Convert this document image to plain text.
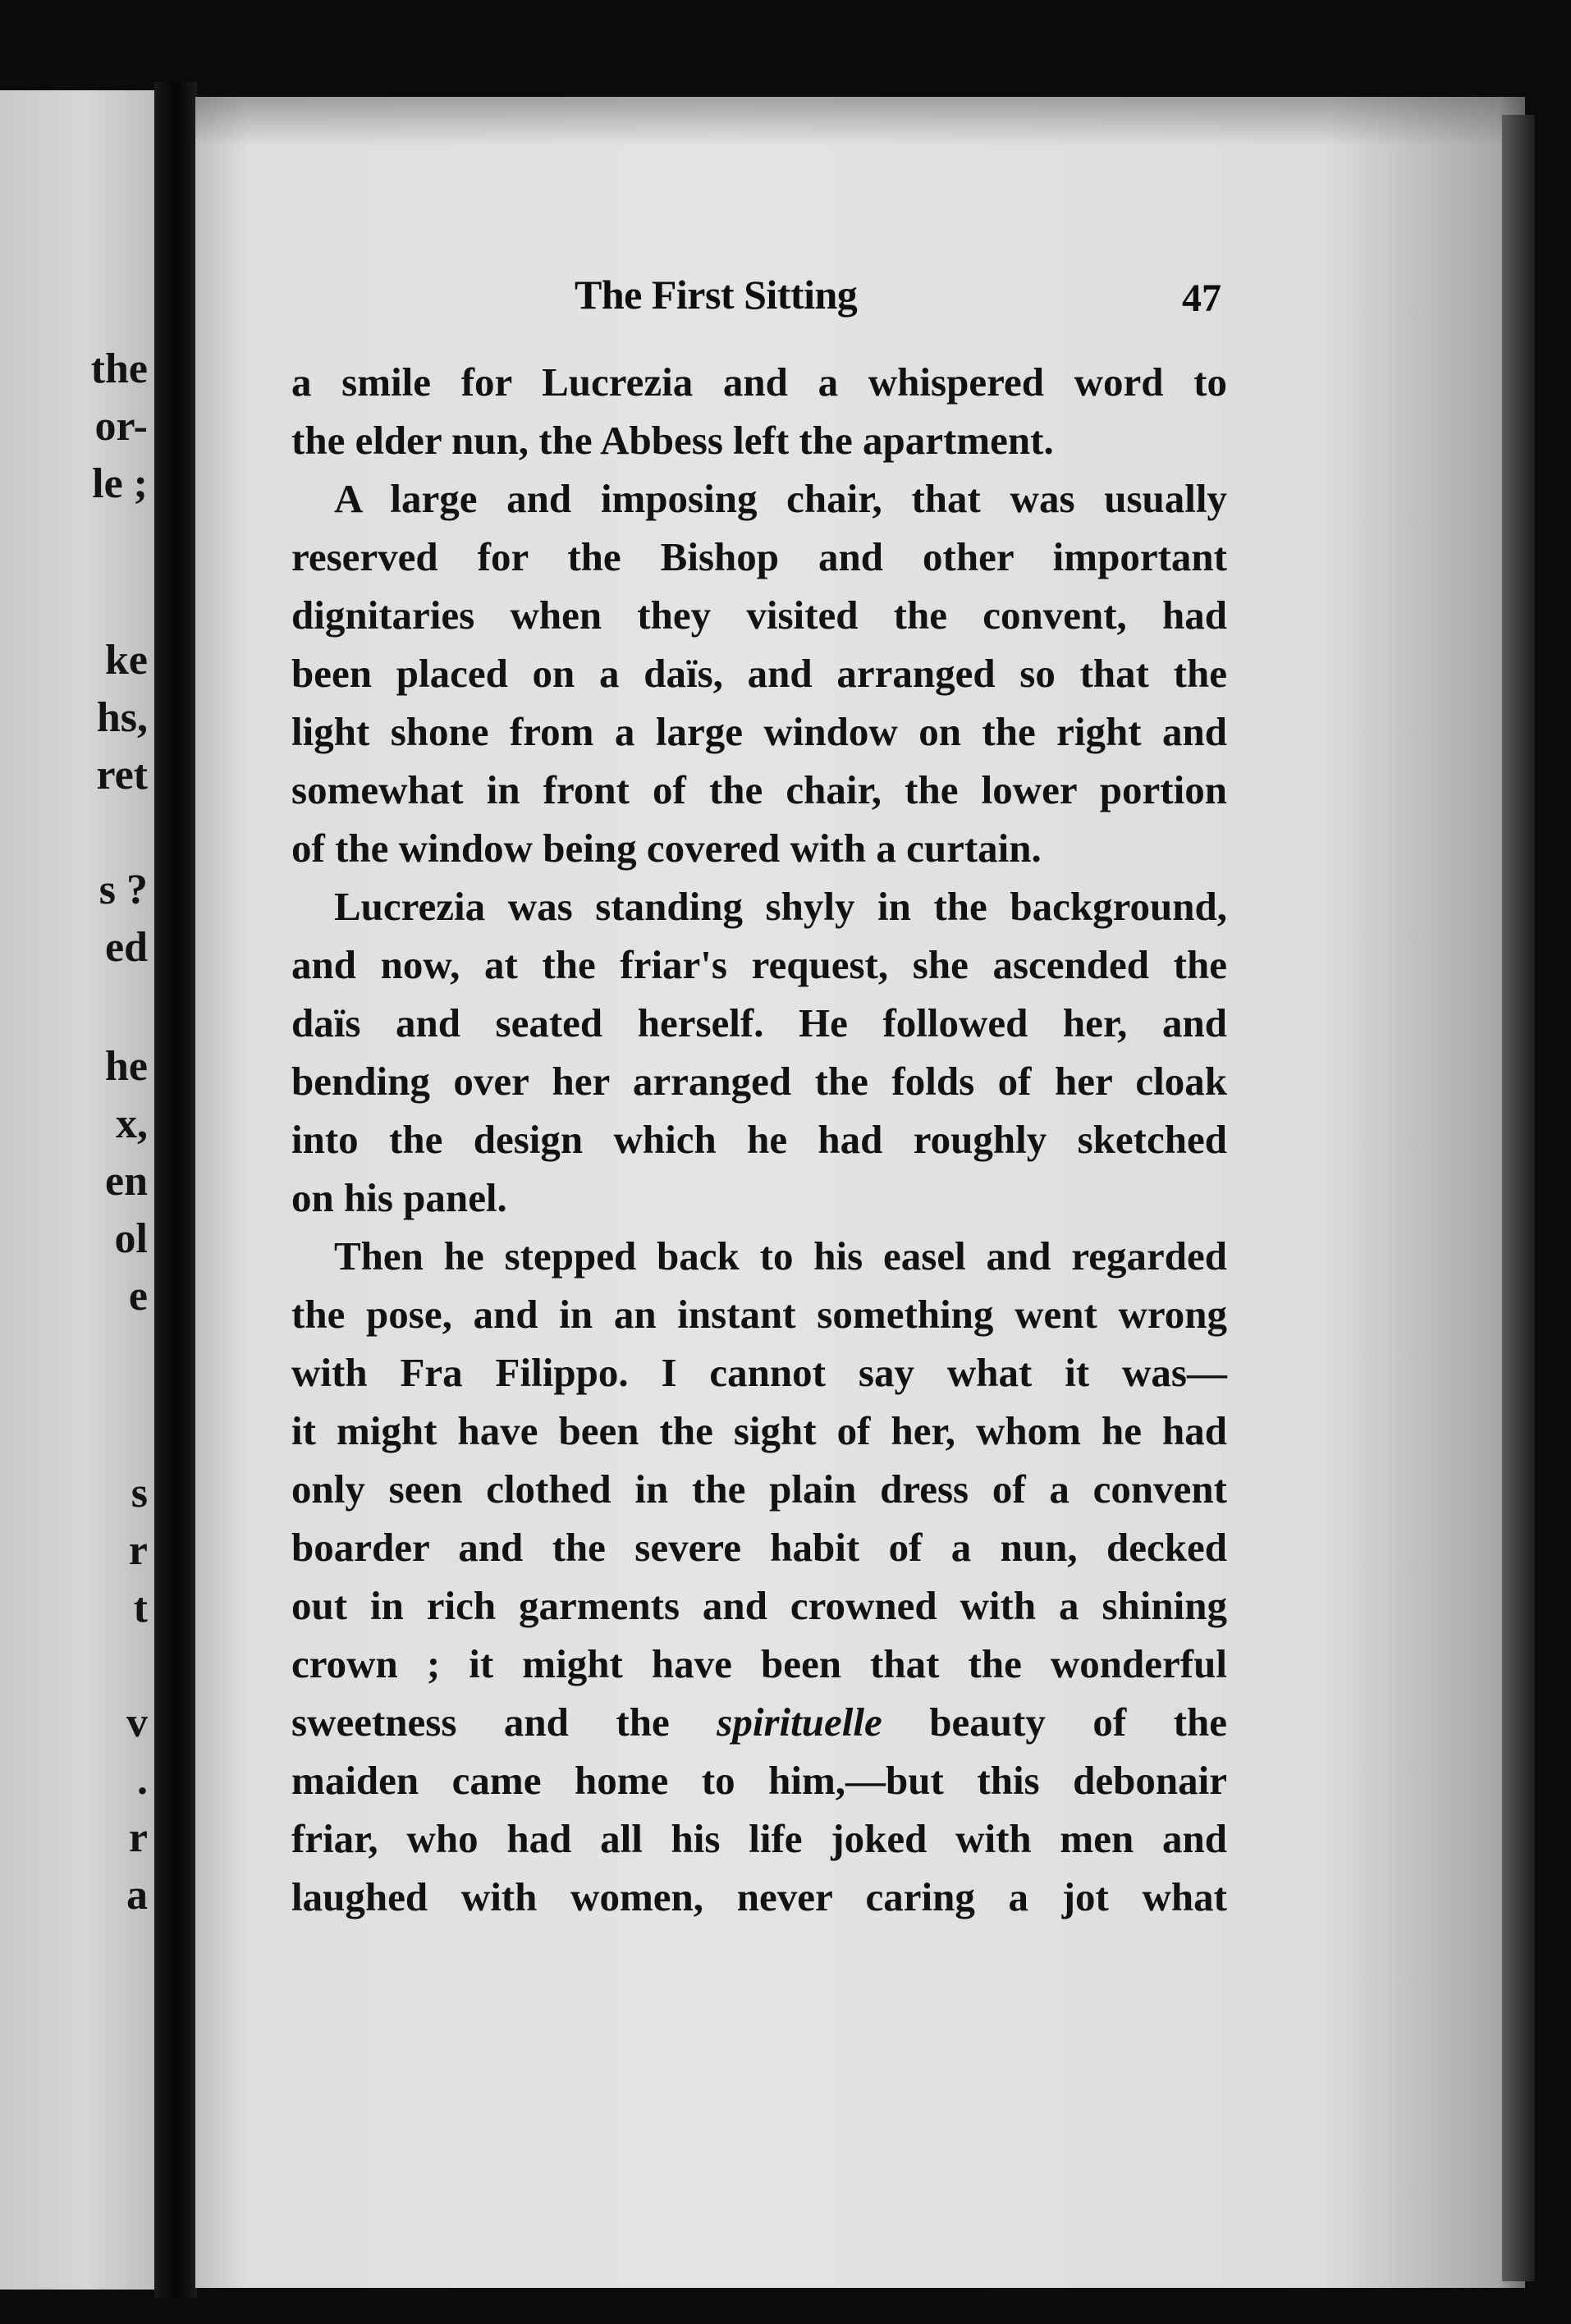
the
or-
le ;
ke
hs,
ret
s ?
ed
he
x,
en
ol
e
s
r
t
v
.
r
a
The First Sitting	47
a smile for Lucrezia and a whispered word to
the elder nun, the Abbess left the apartment.
A large and imposing chair, that was usually
reserved for the Bishop and other important
dignitaries when they visited the convent, had
been placed on a daïs, and arranged so that the
light shone from a large window on the right and
somewhat in front of the chair, the lower portion
of the window being covered with a curtain.
Lucrezia was standing shyly in the background,
and now, at the friar's request, she ascended the
daïs and seated herself. He followed her, and
bending over her arranged the folds of her cloak
into the design which he had roughly sketched
on his panel.
Then he stepped back to his easel and regarded
the pose, and in an instant something went wrong
with Fra Filippo. I cannot say what it was—
it might have been the sight of her, whom he had
only seen clothed in the plain dress of a convent
boarder and the severe habit of a nun, decked
out in rich garments and crowned with a shining
crown ; it might have been that the wonderful
sweetness and the spirituelle beauty of the
maiden came home to him,—but this debonair
friar, who had all his life joked with men and
laughed with women, never caring a jot what
